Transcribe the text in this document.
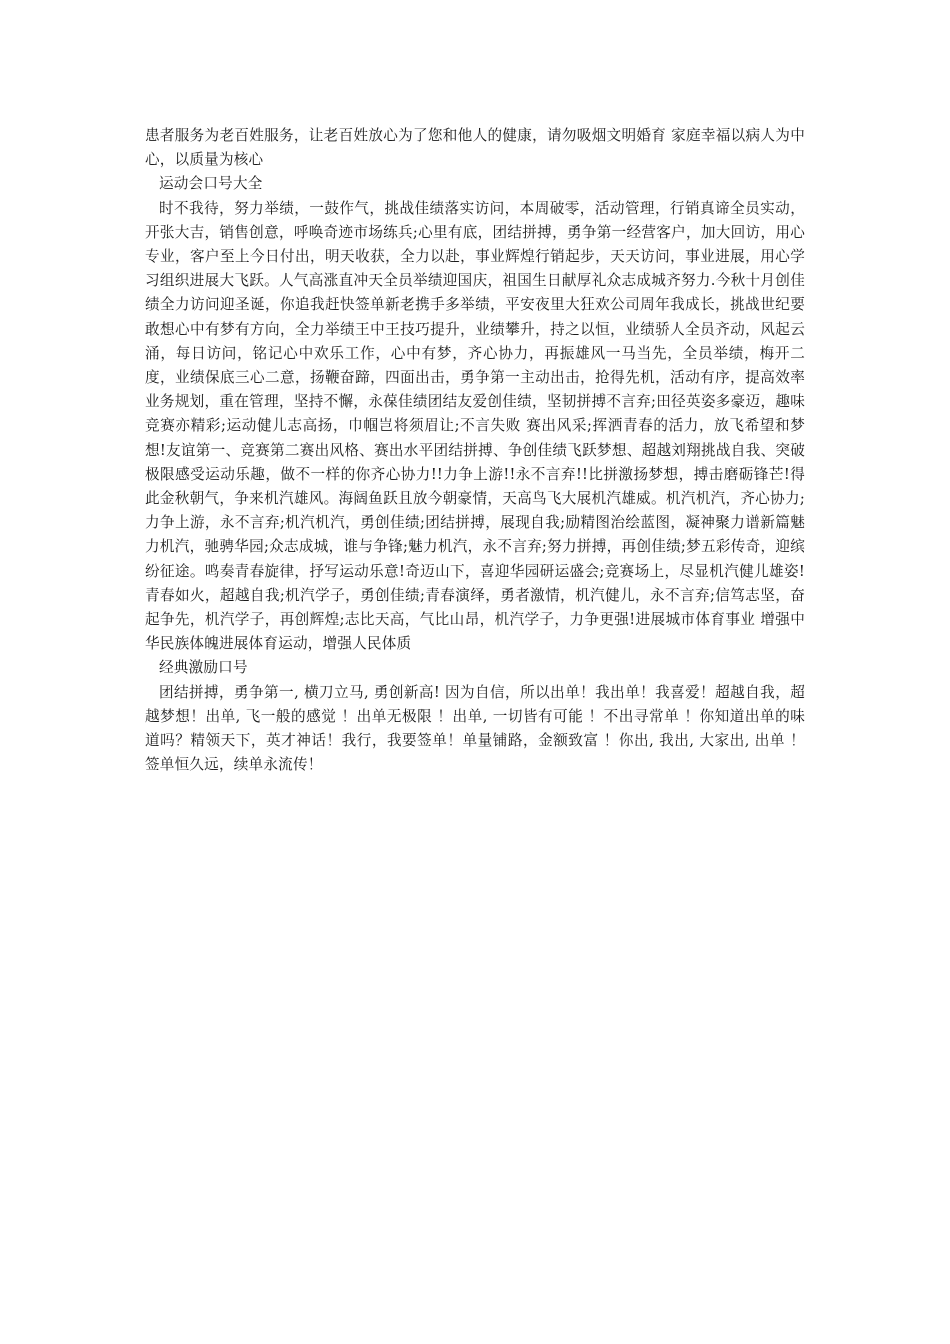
患者服务为老百姓服务，让老百姓放心为了您和他人的健康，请勿吸烟文明婚育 家庭幸福以病人为中心，以质量为核心

运动会口号大全

时不我待，努力举绩，一鼓作气，挑战佳绩落实访问，本周破零，活动管理，行销真谛全员实动，开张大吉，销售创意，呼唤奇迹市场练兵;心里有底，团结拼搏，勇争第一经营客户，加大回访，用心专业，客户至上今日付出，明天收获，全力以赴，事业辉煌行销起步，天天访问，事业进展，用心学习组织进展大飞跃。人气高涨直冲天全员举绩迎国庆，祖国生日献厚礼众志成城齐努力.今秋十月创佳绩全力访问迎圣诞，你追我赶快签单新老携手多举绩，平安夜里大狂欢公司周年我成长，挑战世纪要敢想心中有梦有方向，全力举绩王中王技巧提升，业绩攀升，持之以恒，业绩骄人全员齐动，风起云涌，每日访问，铭记心中欢乐工作，心中有梦，齐心协力，再振雄风一马当先，全员举绩，梅开二度，业绩保底三心二意，扬鞭奋蹄，四面出击，勇争第一主动出击，抢得先机，活动有序，提高效率业务规划，重在管理，坚持不懈，永葆佳绩团结友爱创佳绩，坚韧拼搏不言弃;田径英姿多豪迈，趣味竞赛亦精彩;运动健儿志高扬，巾帼岂将须眉让;不言失败 赛出风采;挥洒青春的活力，放飞希望和梦想!友谊第一、竞赛第二赛出风格、赛出水平团结拼搏、争创佳绩飞跃梦想、超越刘翔挑战自我、突破极限感受运动乐趣，做不一样的你齐心协力!!力争上游!!永不言弃!!比拼激扬梦想，搏击磨砺锋芒!得此金秋朝气，争来机汽雄风。海阔鱼跃且放今朝豪情，天高鸟飞大展机汽雄威。机汽机汽，齐心协力;力争上游，永不言弃;机汽机汽，勇创佳绩;团结拼搏，展现自我;励精图治绘蓝图，凝神聚力谱新篇魅力机汽，驰骋华园;众志成城，谁与争锋;魅力机汽，永不言弃;努力拼搏，再创佳绩;梦五彩传奇，迎缤纷征途。鸣奏青春旋律，抒写运动乐意!奇迈山下，喜迎华园研运盛会;竞赛场上，尽显机汽健儿雄姿!青春如火，超越自我;机汽学子，勇创佳绩;青春演绎，勇者激情，机汽健儿，永不言弃;信笃志坚，奋起争先，机汽学子，再创辉煌;志比天高，气比山昂，机汽学子，力争更强!进展城市体育事业 增强中华民族体魄进展体育运动，增强人民体质

经典激励口号

团结拼搏，勇争第一, 横刀立马, 勇创新高! 因为自信，所以出单！我出单！我喜爱！超越自我，超越梦想！出单, 飞一般的感觉 ！出单无极限 ！出单, 一切皆有可能 ！不出寻常单 ！你知道出单的味道吗？精领天下，英才神话！我行，我要签单！单量铺路，金额致富 ！你出, 我出, 大家出, 出单 ！签单恒久远，续单永流传！
